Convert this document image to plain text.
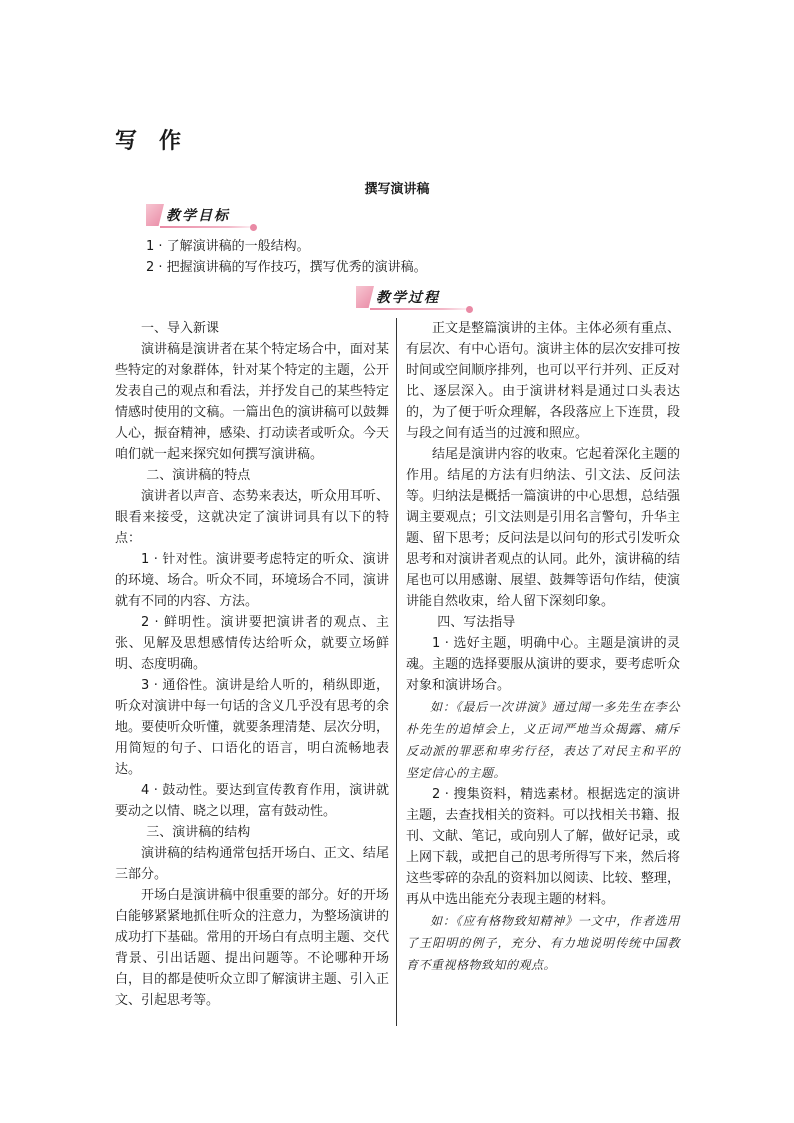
写作
撰写演讲稿
教学目标

1 · 了解演讲稿的一般结构。

2 · 把握演讲稿的写作技巧，撰写优秀的演讲稿。

教学过程

一、导入新课

演讲稿是演讲者在某个特定场合中，面对某些特定的对象群体，针对某个特定的主题，公开发表自己的观点和看法，并抒发自己的某些特定情感时使用的文稿。一篇出色的演讲稿可以鼓舞人心，振奋精神，感染、打动读者或听众。今天咱们就一起来探究如何撰写演讲稿。

二、演讲稿的特点

演讲者以声音、态势来表达，听众用耳听、眼看来接受，这就决定了演讲词具有以下的特点：

1 · 针对性。演讲要考虑特定的听众、演讲的环境、场合。听众不同，环境场合不同，演讲就有不同的内容、方法。

2 · 鲜明性。演讲要把演讲者的观点、主张、见解及思想感情传达给听众，就要立场鲜明、态度明确。

3 · 通俗性。演讲是给人听的，稍纵即逝，听众对演讲中每一句话的含义几乎没有思考的余地。要使听众听懂，就要条理清楚、层次分明，用简短的句子、口语化的语言，明白流畅地表达。

4 · 鼓动性。要达到宣传教育作用，演讲就要动之以情、晓之以理，富有鼓动性。

三、演讲稿的结构

演讲稿的结构通常包括开场白、正文、结尾三部分。

开场白是演讲稿中很重要的部分。好的开场白能够紧紧地抓住听众的注意力，为整场演讲的成功打下基础。常用的开场白有点明主题、交代背景、引出话题、提出问题等。不论哪种开场白，目的都是使听众立即了解演讲主题、引入正文、引起思考等。

正文是整篇演讲的主体。主体必须有重点、有层次、有中心语句。演讲主体的层次安排可按时间或空间顺序排列，也可以平行并列、正反对比、逐层深入。由于演讲材料是通过口头表达的，为了便于听众理解，各段落应上下连贯，段与段之间有适当的过渡和照应。

结尾是演讲内容的收束。它起着深化主题的作用。结尾的方法有归纳法、引文法、反问法等。归纳法是概括一篇演讲的中心思想，总结强调主要观点；引文法则是引用名言警句，升华主题、留下思考；反问法是以问句的形式引发听众思考和对演讲者观点的认同。此外，演讲稿的结尾也可以用感谢、展望、鼓舞等语句作结，使演讲能自然收束，给人留下深刻印象。

四、写法指导

1 · 选好主题，明确中心。主题是演讲的灵魂。主题的选择要服从演讲的要求，要考虑听众对象和演讲场合。

如：《最后一次讲演》通过闻一多先生在李公朴先生的追悼会上，义正词严地当众揭露、痛斥反动派的罪恶和卑劣行径，表达了对民主和平的坚定信心的主题。

2 · 搜集资料，精选素材。根据选定的演讲主题，去查找相关的资料。可以找相关书籍、报刊、文献、笔记，或向别人了解，做好记录，或上网下载，或把自己的思考所得写下来，然后将这些零碎的杂乱的资料加以阅读、比较、整理，再从中选出能充分表现主题的材料。

如：《应有格物致知精神》一文中，作者选用了王阳明的例子，充分、有力地说明传统中国教育不重视格物致知的观点。
